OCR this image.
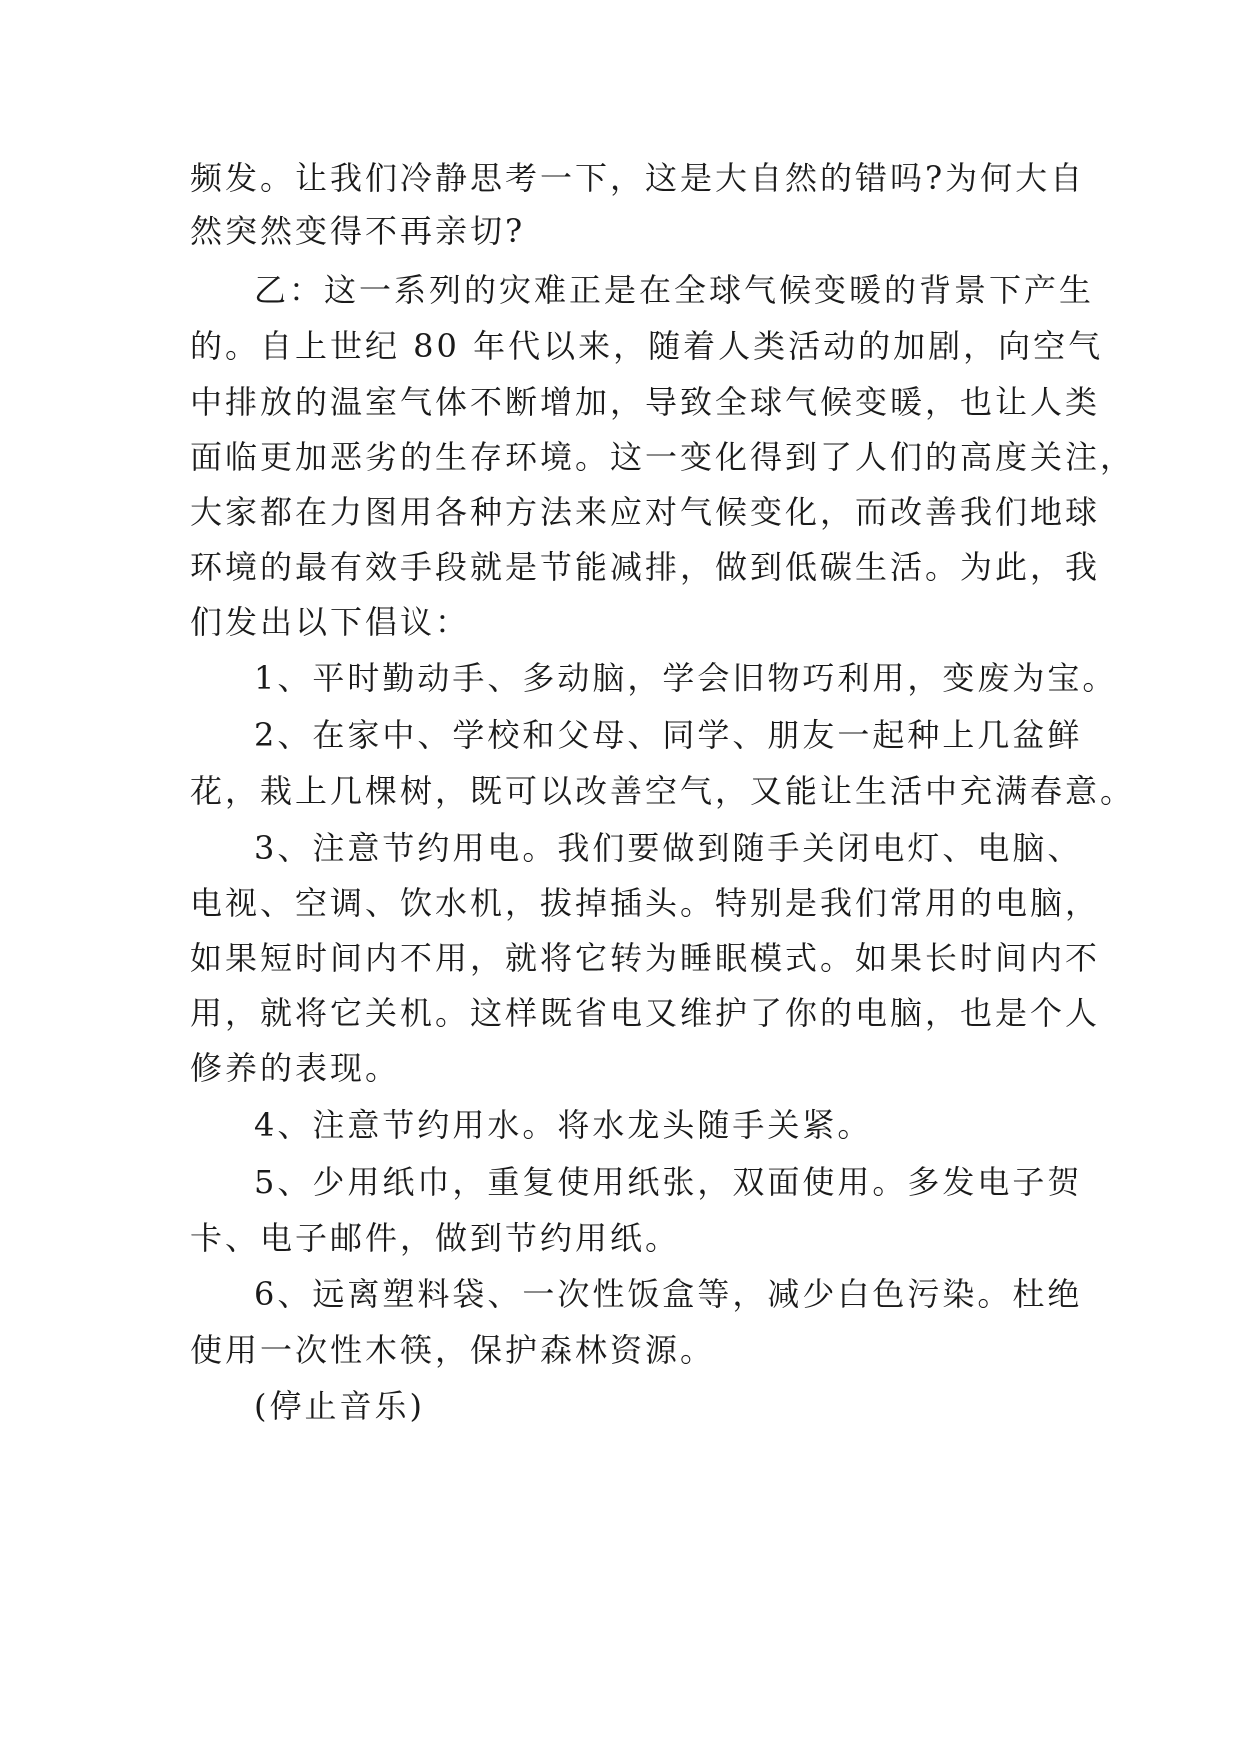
频发。让我们冷静思考一下，这是大自然的错吗?为何大自
然突然变得不再亲切?
乙：这一系列的灾难正是在全球气候变暖的背景下产生
的。自上世纪 80 年代以来，随着人类活动的加剧，向空气
中排放的温室气体不断增加，导致全球气候变暖，也让人类
面临更加恶劣的生存环境。这一变化得到了人们的高度关注，
大家都在力图用各种方法来应对气候变化，而改善我们地球
环境的最有效手段就是节能减排，做到低碳生活。为此，我
们发出以下倡议：
1、平时勤动手、多动脑，学会旧物巧利用，变废为宝。
2、在家中、学校和父母、同学、朋友一起种上几盆鲜
花，栽上几棵树，既可以改善空气，又能让生活中充满春意。
3、注意节约用电。我们要做到随手关闭电灯、电脑、
电视、空调、饮水机，拔掉插头。特别是我们常用的电脑，
如果短时间内不用，就将它转为睡眠模式。如果长时间内不
用，就将它关机。这样既省电又维护了你的电脑，也是个人
修养的表现。
4、注意节约用水。将水龙头随手关紧。
5、少用纸巾，重复使用纸张，双面使用。多发电子贺
卡、电子邮件，做到节约用纸。
6、远离塑料袋、一次性饭盒等，减少白色污染。杜绝
使用一次性木筷，保护森林资源。
(停止音乐)
